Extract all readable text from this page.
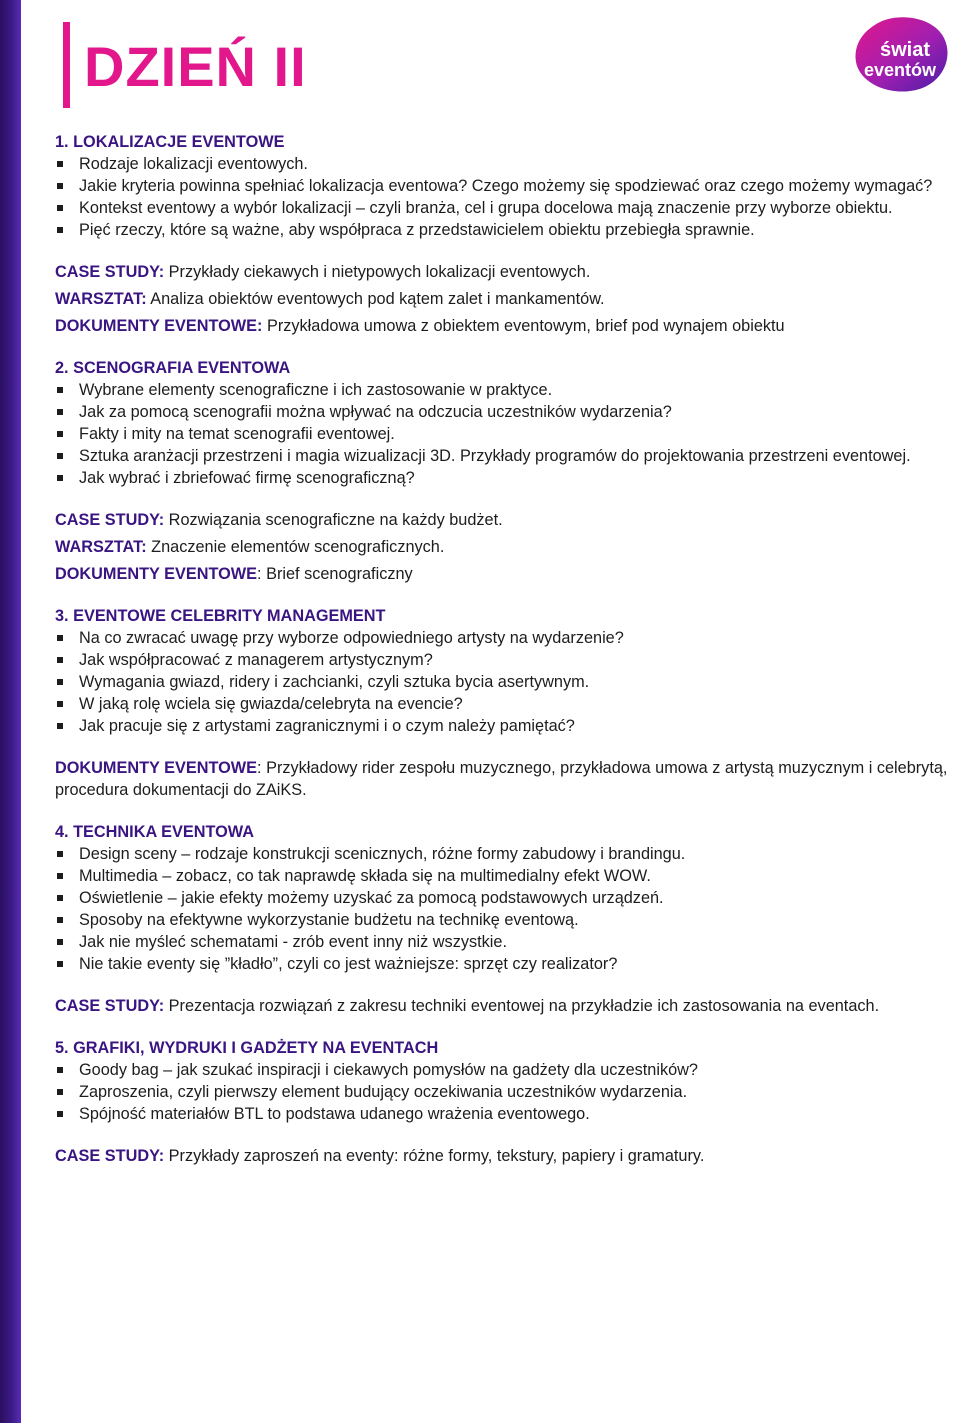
DZIEŃ II	świat
eventów
1. LOKALIZACJE EVENTOWE
Rodzaje lokalizacji eventowych.
Jakie kryteria powinna spełniać lokalizacja eventowa? Czego możemy się spodziewać oraz czego możemy wymagać?
Kontekst eventowy a wybór lokalizacji – czyli branża, cel i grupa docelowa mają znaczenie przy wyborze obiektu.
Pięć rzeczy, które są ważne, aby współpraca z przedstawicielem obiektu przebiegła sprawnie.

CASE STUDY: Przykłady ciekawych i nietypowych lokalizacji eventowych.

WARSZTAT: Analiza obiektów eventowych pod kątem zalet i mankamentów.

DOKUMENTY EVENTOWE: Przykładowa umowa z obiektem eventowym, brief pod wynajem obiektu

2. SCENOGRAFIA EVENTOWA
Wybrane elementy scenograficzne i ich zastosowanie w praktyce.
Jak za pomocą scenografii można wpływać na odczucia uczestników wydarzenia?
Fakty i mity na temat scenografii eventowej.
Sztuka aranżacji przestrzeni i magia wizualizacji 3D. Przykłady programów do projektowania przestrzeni eventowej.
Jak wybrać i zbriefować firmę scenograficzną?

CASE STUDY: Rozwiązania scenograficzne na każdy budżet.

WARSZTAT: Znaczenie elementów scenograficznych.

DOKUMENTY EVENTOWE: Brief scenograficzny

3. EVENTOWE CELEBRITY MANAGEMENT
Na co zwracać uwagę przy wyborze odpowiedniego artysty na wydarzenie?
Jak współpracować z managerem artystycznym?
Wymagania gwiazd, ridery i zachcianki, czyli sztuka bycia asertywnym.
W jaką rolę wciela się gwiazda/celebryta na evencie?
Jak pracuje się z artystami zagranicznymi i o czym należy pamiętać?

DOKUMENTY EVENTOWE: Przykładowy rider zespołu muzycznego, przykładowa umowa z artystą muzycznym i celebrytą, procedura dokumentacji do ZAiKS.

4. TECHNIKA EVENTOWA
Design sceny – rodzaje konstrukcji scenicznych, różne formy zabudowy i brandingu.
Multimedia – zobacz, co tak naprawdę składa się na multimedialny efekt WOW.
Oświetlenie – jakie efekty możemy uzyskać za pomocą podstawowych urządzeń.
Sposoby na efektywne wykorzystanie budżetu na technikę eventową.
Jak nie myśleć schematami - zrób event inny niż wszystkie.
Nie takie eventy się ”kładło”, czyli co jest ważniejsze: sprzęt czy realizator?

CASE STUDY: Prezentacja rozwiązań z zakresu techniki eventowej na przykładzie ich zastosowania na eventach.

5. GRAFIKI, WYDRUKI I GADŻETY NA EVENTACH
Goody bag – jak szukać inspiracji i ciekawych pomysłów na gadżety dla uczestników?
Zaproszenia, czyli pierwszy element budujący oczekiwania uczestników wydarzenia.
Spójność materiałów BTL to podstawa udanego wrażenia eventowego.

CASE STUDY: Przykłady zaproszeń na eventy: różne formy, tekstury, papiery i gramatury.
